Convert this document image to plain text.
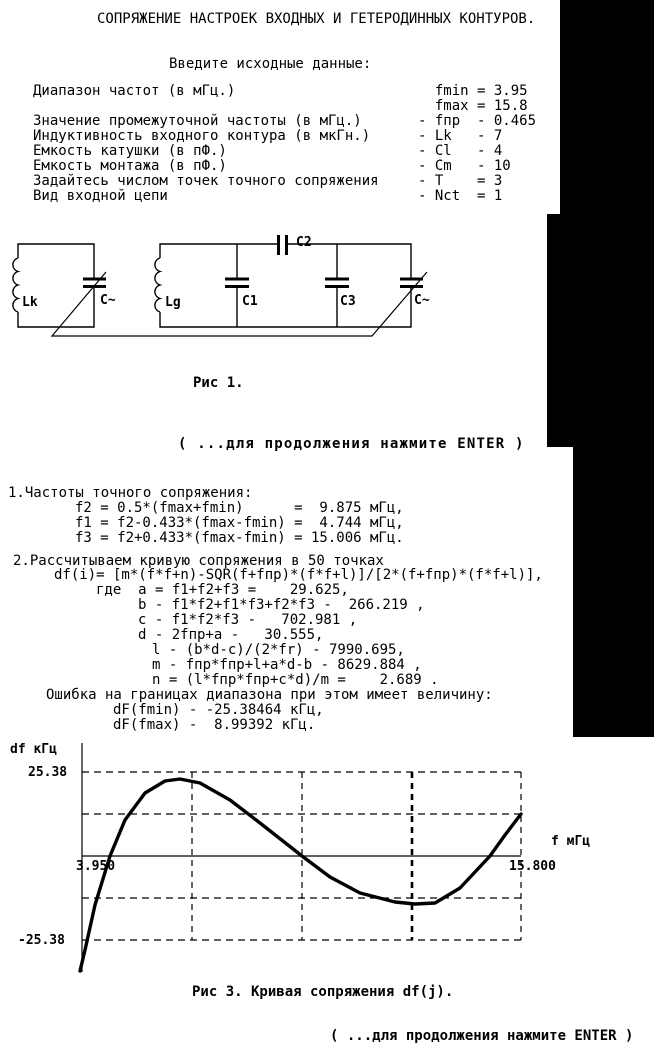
СОПРЯЖЕНИЕ НАСТРОЕК ВХОДНЫХ И ГЕТЕРОДИННЫХ КОНТУРОВ.
Введите исходные данные:
Диапазон частот (в мГц.)	fmin = 3.95
fmax = 15.8
Значение промежуточной частоты (в мГц.)	- fпр  - 0.465
Индуктивность входного контура (в мкГн.)	- Lk   - 7
Емкость катушки (в пФ.)	- Cl   - 4
Емкость монтажа (в пФ.)	- Cm   - 10
Задайтесь числом точек точного сопряжения	- T    = 3
Вид входной цепи	- Nct  = 1
Lk	C~	Lg	C1
C2
C3	C~
Рис 1.
( ...для продолжения нажмите ENTER )
1.Частоты точного сопряжения:
f2 = 0.5*(fmax+fmin)      =  9.875 мГц,
f1 = f2-0.433*(fmax-fmin) =  4.744 мГц,
f3 = f2+0.433*(fmax-fmin) = 15.006 мГц.
2.Рассчитываем кривую сопряжения в 50 точках
df(i)= [m*(f*f+n)-SQR(f+fпр)*(f*f+l)]/[2*(f+fпр)*(f*f+l)],
где  a = f1+f2+f3 =    29.625,
b - f1*f2+f1*f3+f2*f3 -  266.219 ,
c - f1*f2*f3 -   702.981 ,
d - 2fпр+a -   30.555,
l - (b*d-c)/(2*fr) - 7990.695,
m - fпр*fпр+l+a*d-b - 8629.884 ,
n = (l*fпр*fпр+c*d)/m =    2.689 .
Ошибка на границах диапазона при этом имеет величину:
dF(fmin) - -25.38464 кГц,
dF(fmax) -  8.99392 кГц.
df кГц
25.38
-25.38
3.950	15.800
f мГц
Рис 3. Кривая сопряжения df(j).
( ...для продолжения нажмите ENTER )
